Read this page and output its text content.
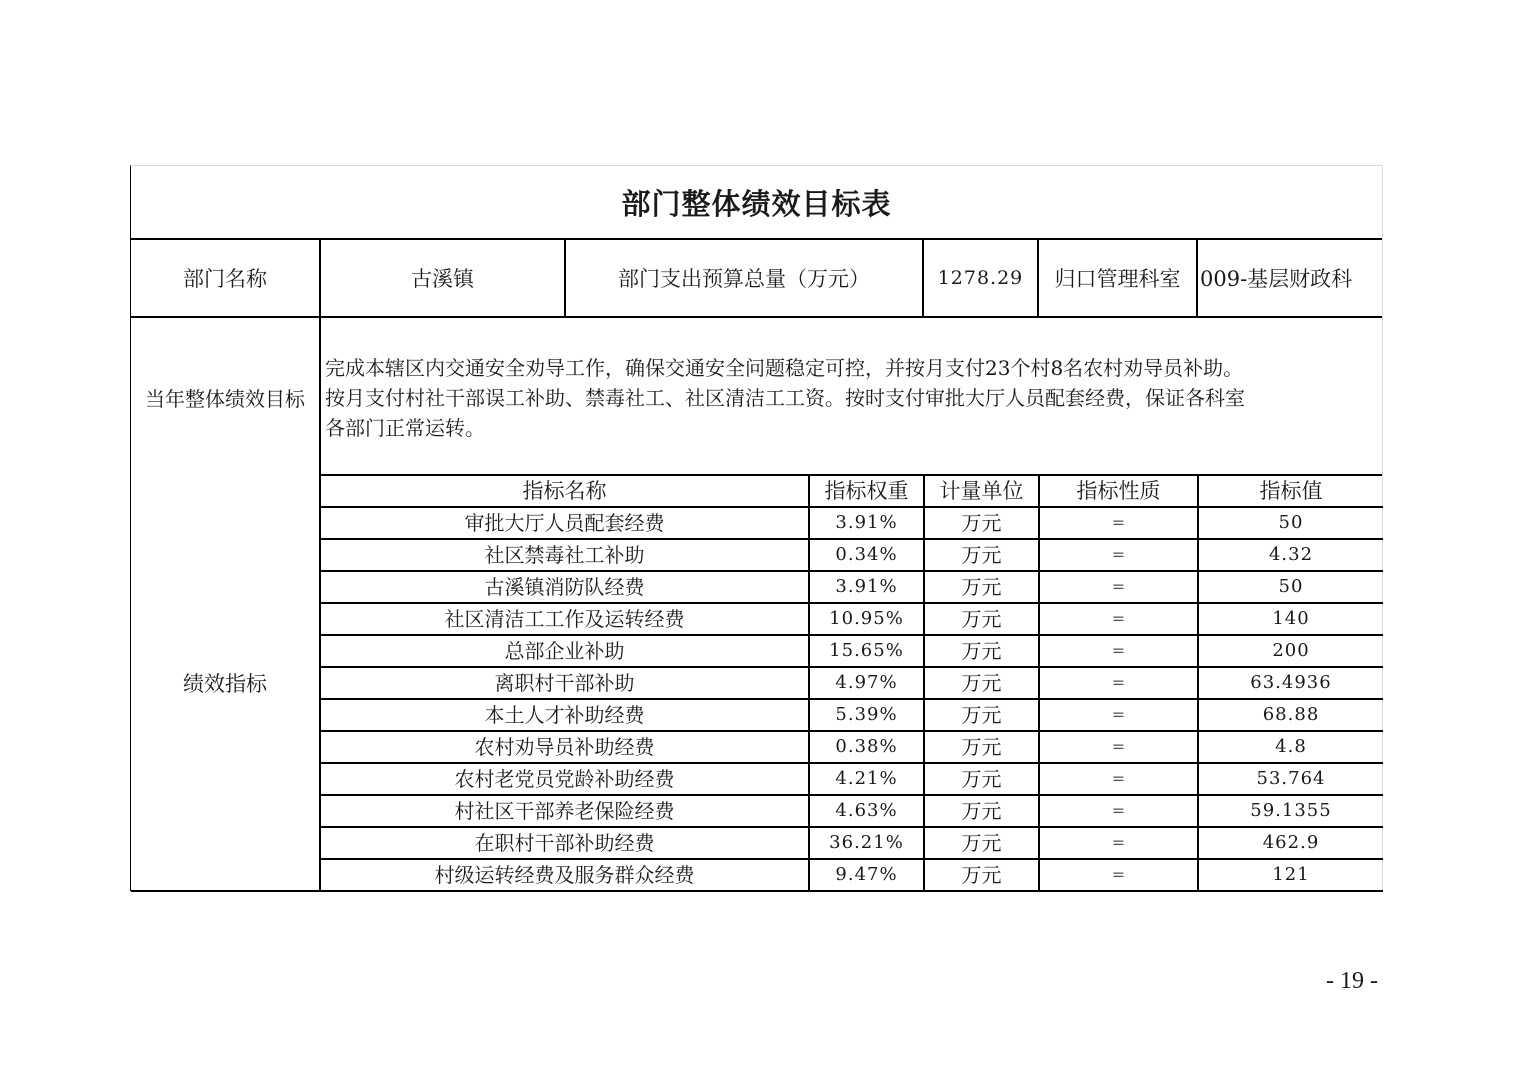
部门整体绩效目标表
部门名称	古溪镇	部门支出预算总量（万元）	1278.29	归口管理科室 009-基层财政科
当年整体绩效目标
完成本辖区内交通安全劝导工作，确保交通安全问题稳定可控，并按月支付23个村8名农村劝导员补助。
按月支付村社干部误工补助、禁毒社工、社区清洁工工资。按时支付审批大厅人员配套经费，保证各科室
各部门正常运转。
绩效指标
指标名称	指标权重	计量单位	指标性质	指标值
审批大厅人员配套经费	3.91%	万元	=	50
社区禁毒社工补助	0.34%	万元	=	4.32
古溪镇消防队经费	3.91%	万元	=	50
社区清洁工工作及运转经费	10.95%	万元	=	140
总部企业补助	15.65%	万元	=	200
离职村干部补助	4.97%	万元	=	63.4936
本土人才补助经费	5.39%	万元	=	68.88
农村劝导员补助经费	0.38%	万元	=	4.8
农村老党员党龄补助经费	4.21%	万元	=	53.764
村社区干部养老保险经费	4.63%	万元	=	59.1355
在职村干部补助经费	36.21%	万元	=	462.9
村级运转经费及服务群众经费	9.47%	万元	=	121
- 19 -
